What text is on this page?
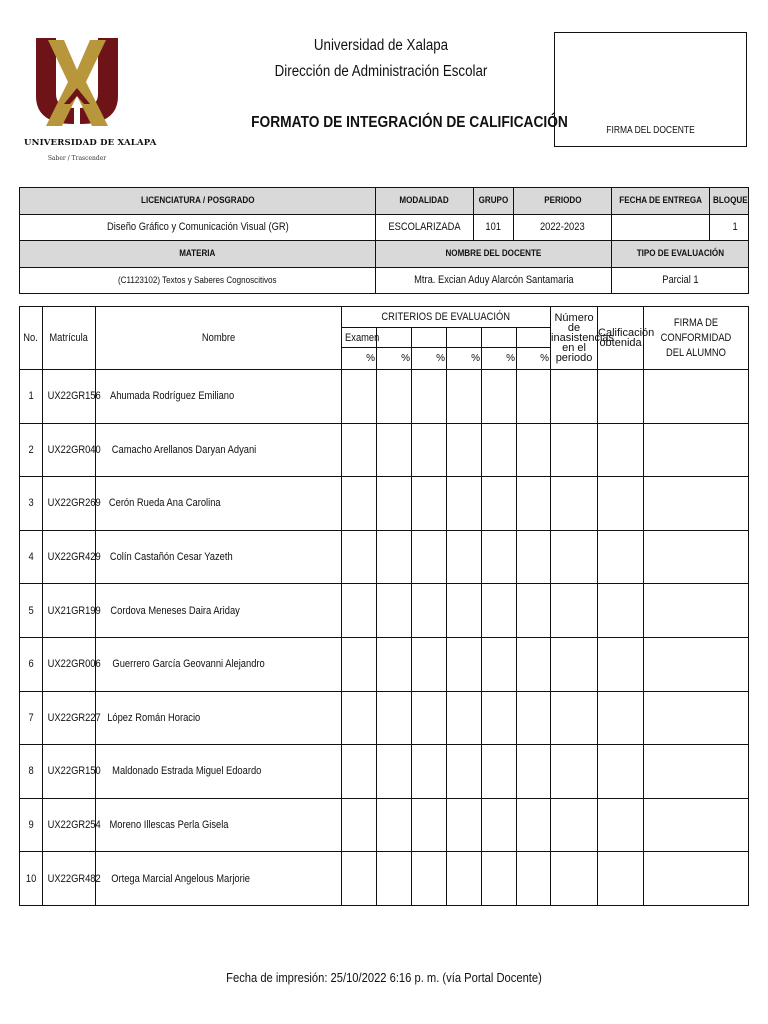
UNIVERSIDAD DE XALAPA
Saber / Trascender
Universidad de Xalapa
Dirección de Administración Escolar
FORMATO DE INTEGRACIÓN DE CALIFICACIÓN	FIRMA DEL DOCENTE
LICENCIATURA / POSGRADO	MODALIDAD	GRUPO	PERIODO	FECHA DE ENTREGA	BLOQUE
Diseño Gráfico y Comunicación Visual (GR)	ESCOLARIZADA	101	2022-2023		1
MATERIA	NOMBRE DEL DOCENTE			TIPO DE EVALUACIÓN	
(C1123102) Textos y Saberes Cognoscitivos	Mtra. Excian Aduy Alarcón Santamaria			Parcial 1	
No.	Matrícula	Nombre	CRITERIOS DE EVALUACIÓN						Número de inasistencias en el periodo	Calificación obtenida	FIRMA DE CONFORMIDAD DEL ALUMNO
			Examen								
			%	%	%	%	%	%			
1	UX22GR156	Ahumada Rodríguez Emiliano									
2	UX22GR040	Camacho Arellanos Daryan Adyani									
3	UX22GR269	Cerón Rueda Ana Carolina									
4	UX22GR429	Colín Castañón Cesar Yazeth									
5	UX21GR199	Cordova Meneses Daira Ariday									
6	UX22GR006	Guerrero García Geovanni Alejandro									
7	UX22GR227	López Román Horacio									
8	UX22GR150	Maldonado Estrada Miguel Edoardo									
9	UX22GR254	Moreno Illescas Perla Gisela									
10	UX22GR482	Ortega Marcial Angelous Marjorie									
Fecha de impresión: 25/10/2022 6:16 p. m. (vía Portal Docente)
